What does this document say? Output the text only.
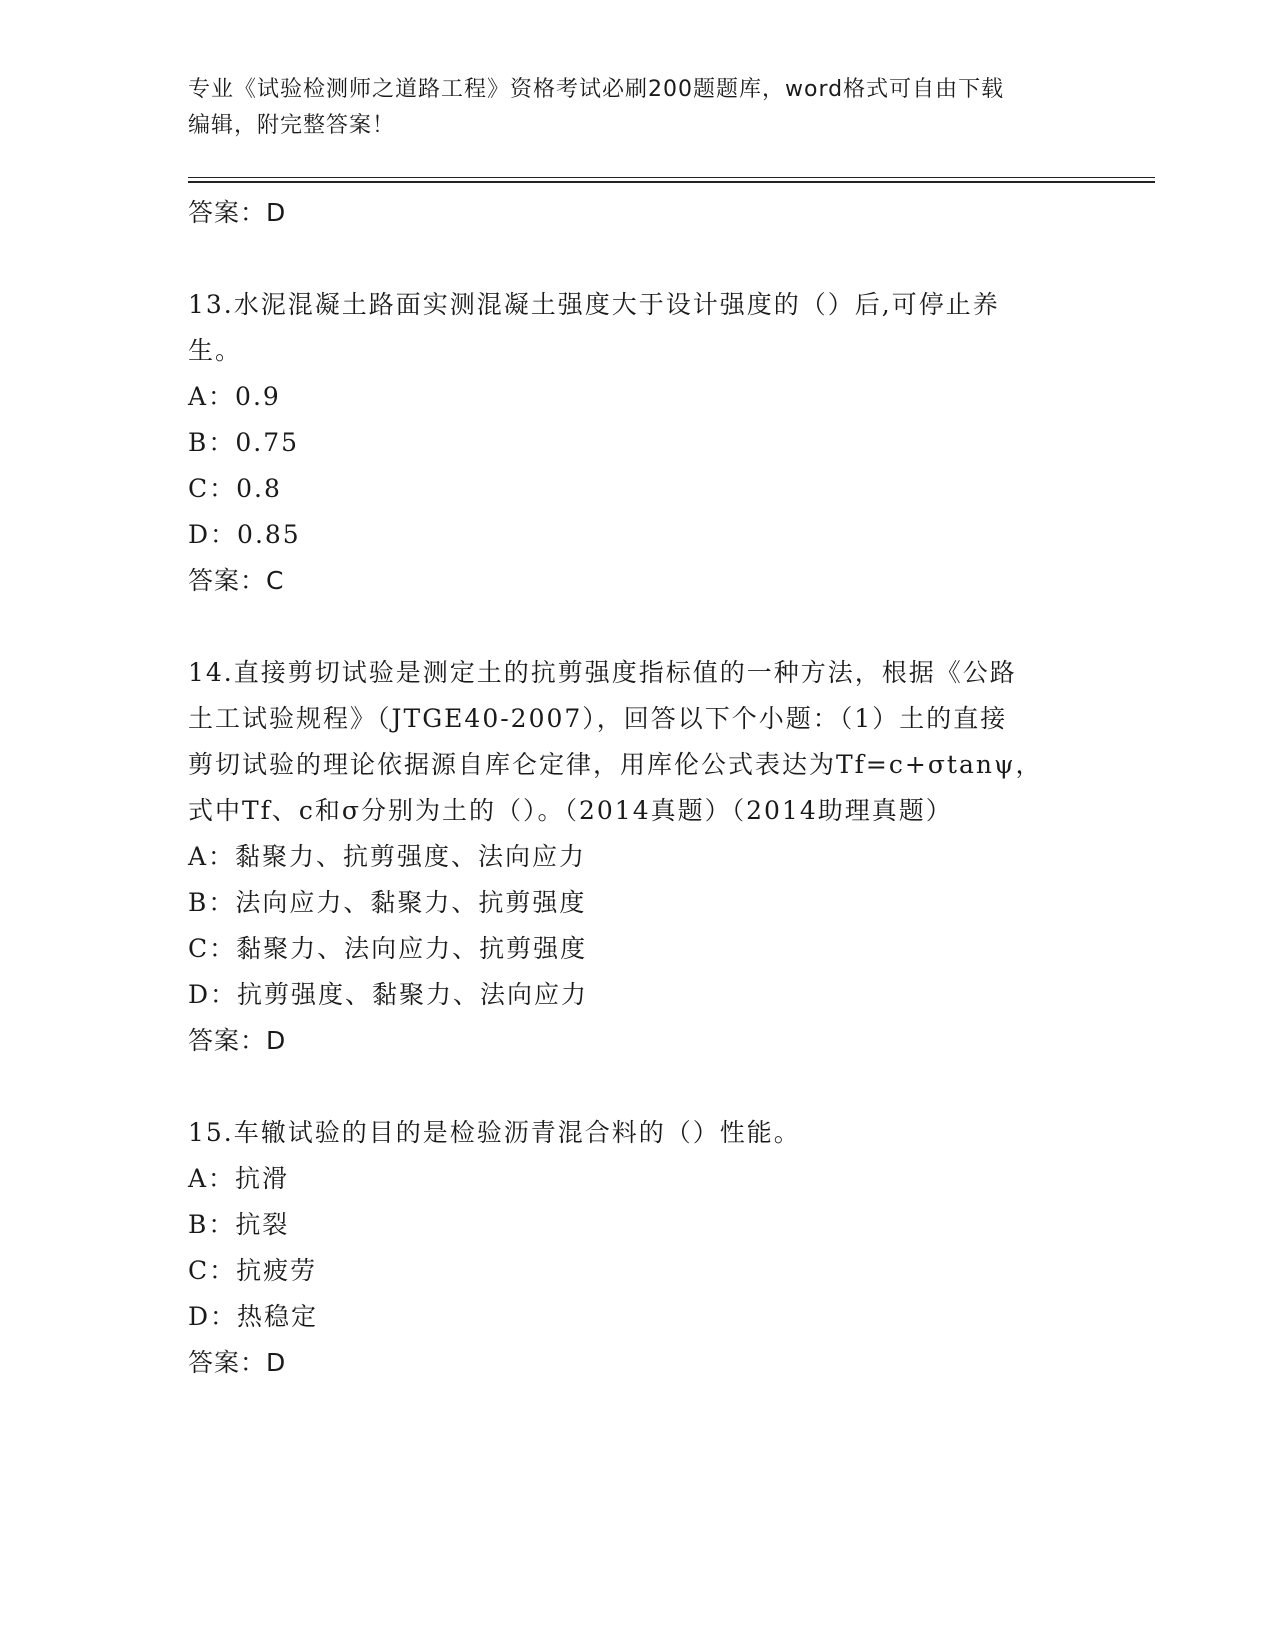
专业《试验检测师之道路工程》资格考试必刷200题题库，word格式可自由下载
编辑，附完整答案！
答案：D
13.水泥混凝土路面实测混凝土强度大于设计强度的（）后,可停止养
生。
A：0.9
B：0.75
C：0.8
D：0.85
答案：C
14.直接剪切试验是测定土的抗剪强度指标值的一种方法，根据《公路
土工试验规程》（JTGE40-2007），回答以下个小题：（1）土的直接
剪切试验的理论依据源自库仑定律，用库伦公式表达为Tf=c+σtanψ，
式中Tf、c和σ分别为土的（）。（2014真题）（2014助理真题）
A：黏聚力、抗剪强度、法向应力
B：法向应力、黏聚力、抗剪强度
C：黏聚力、法向应力、抗剪强度
D：抗剪强度、黏聚力、法向应力
答案：D
15.车辙试验的目的是检验沥青混合料的（）性能。
A：抗滑
B：抗裂
C：抗疲劳
D：热稳定
答案：D
